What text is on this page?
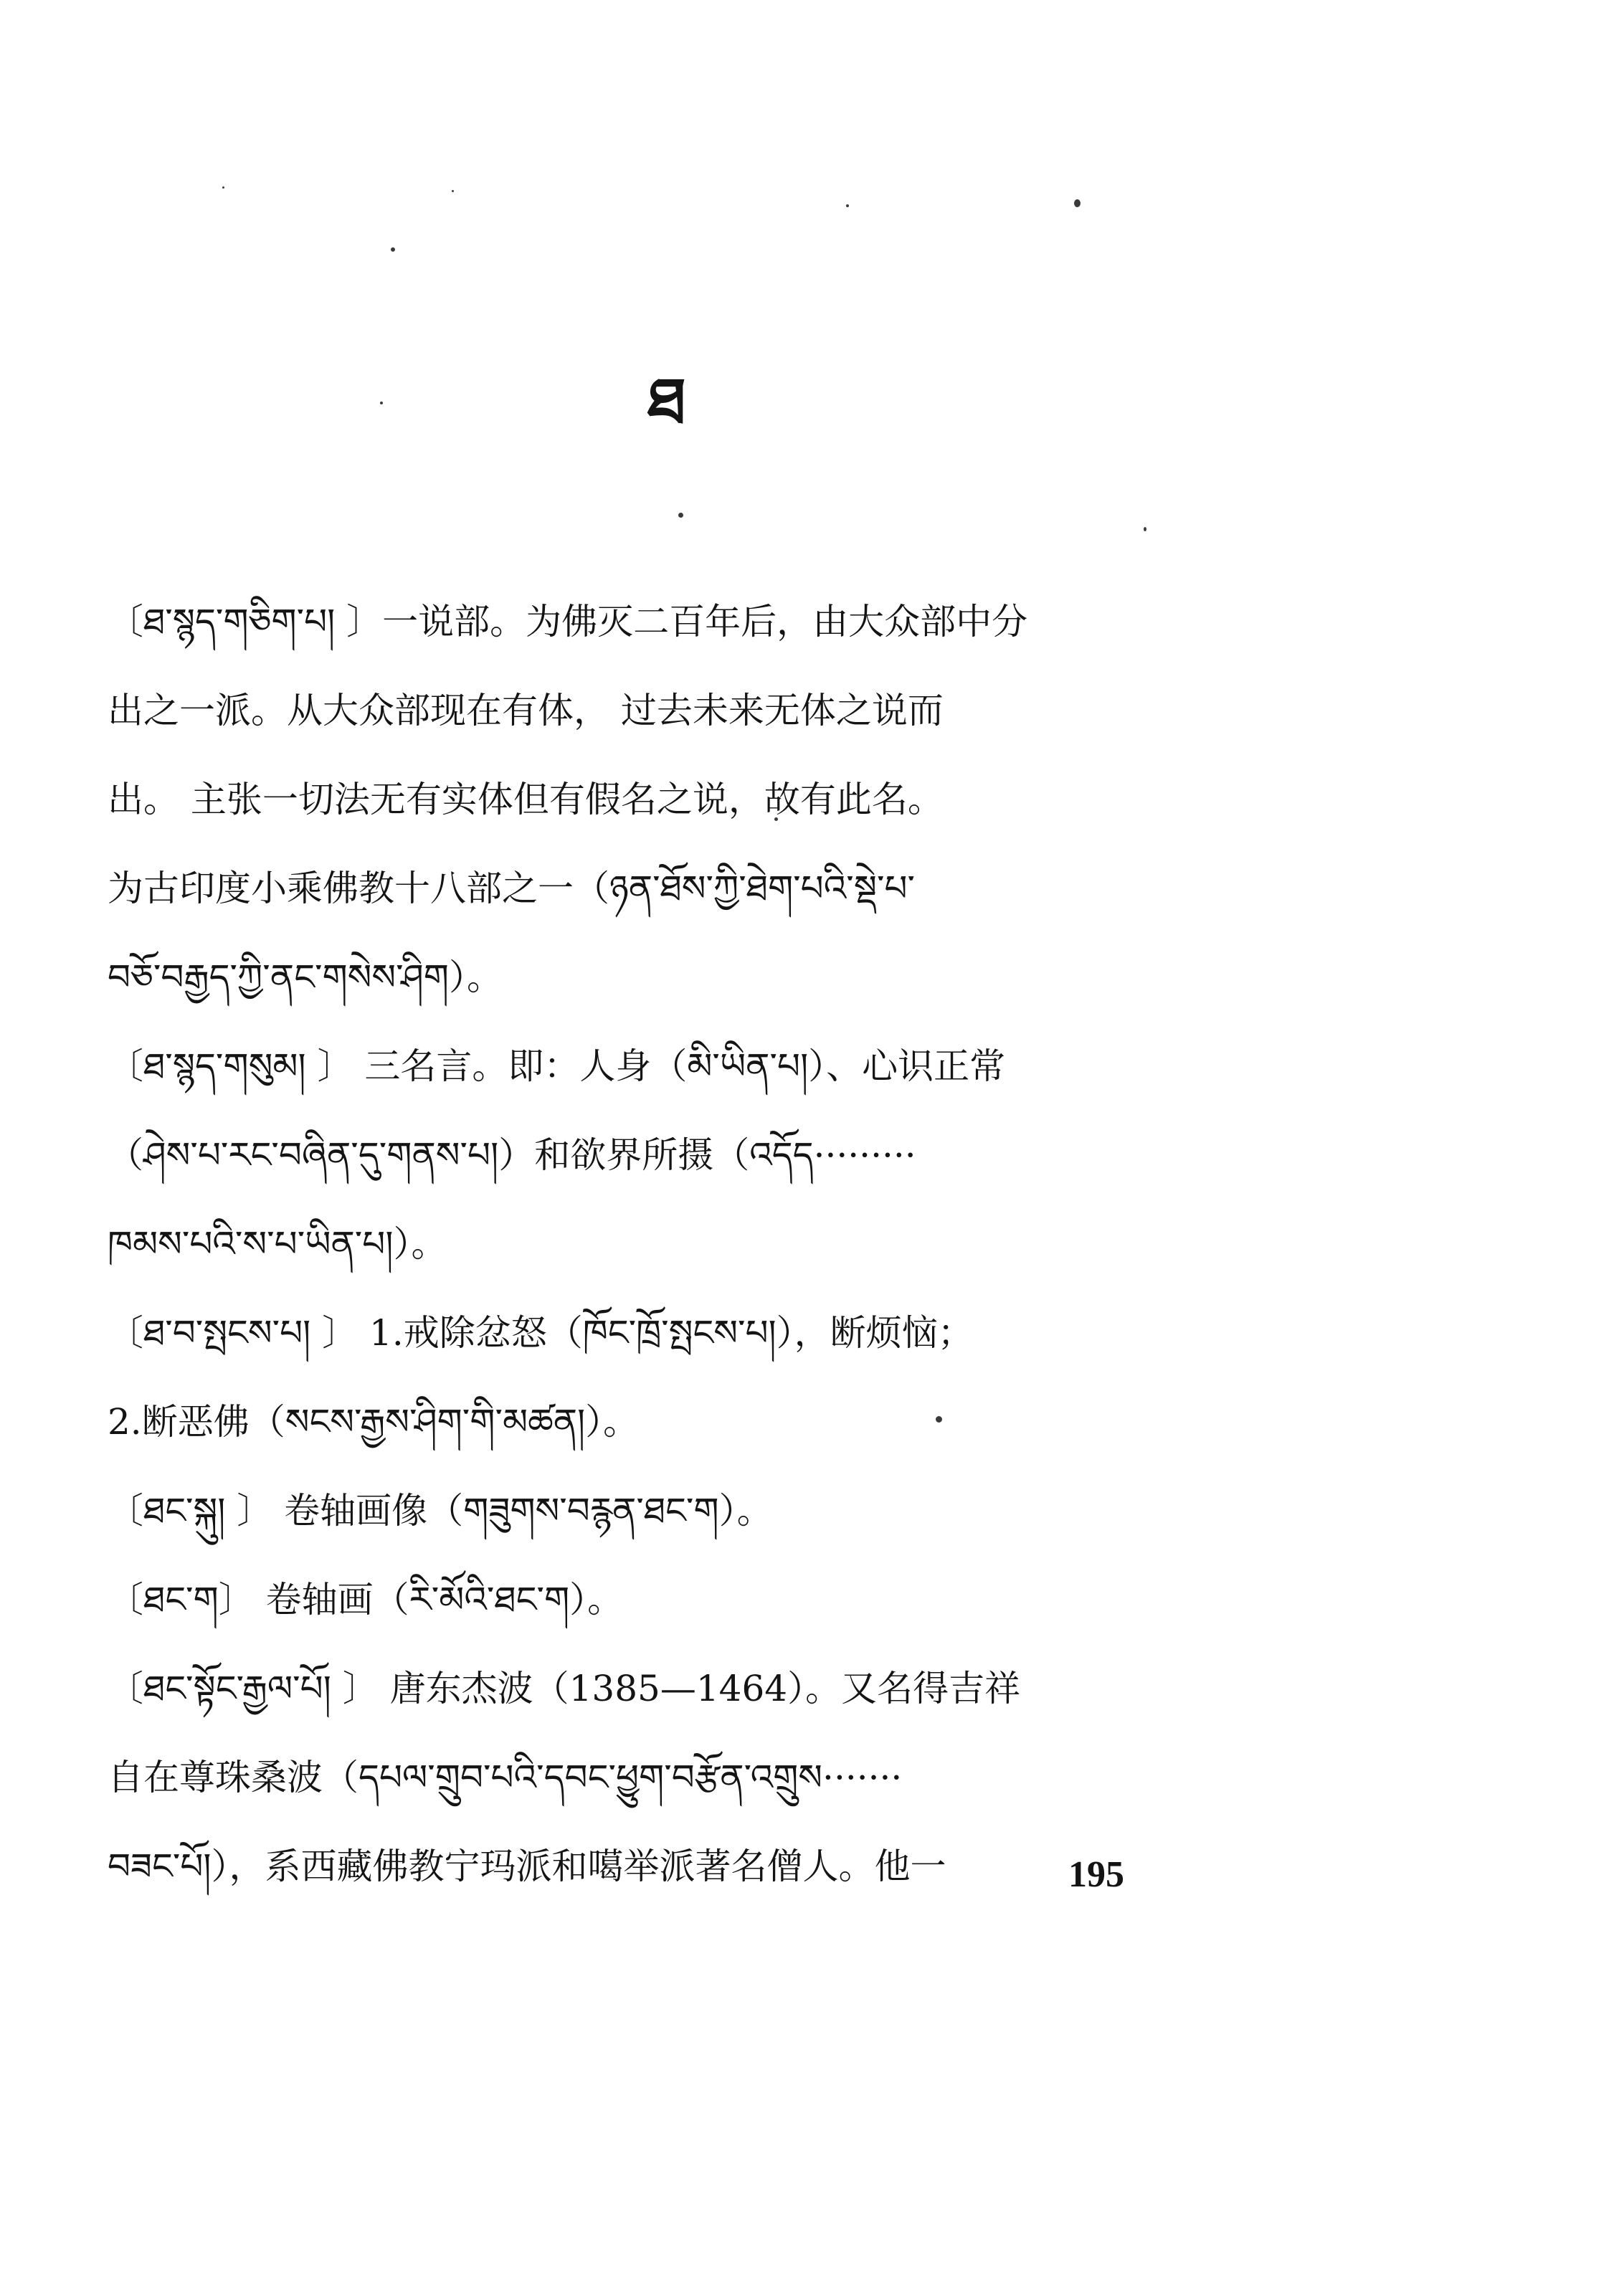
ཐ
〔ཐ་སྙད་གཅིག་པ། 〕一说部。为佛灭二百年后，由大众部中分
出之一派。从大众部现在有体， 过去未来无体之说而
出。 主张一切法无有实体但有假名之说，故有此名。
为古印度小乘佛教十八部之一（ཉན་ཐོས་ཀྱི་ཐེག་པའི་སྡེ་པ་
བཅོ་བརྒྱད་ཀྱི་ནང་གསེས་ཤིག）。
〔ཐ་སྙད་གསུམ། 〕 三名言。即：人身（མི་ཡིན་པ།）、心识正常
（ཤེས་པ་རང་བཞིན་དུ་གནས་པ།）和欲界所摄（འདོད·········
ཁམས་པའི་ས་པ་ཡིན་པ།）。
〔ཐ་བ་སྤངས་པ། 〕 1.戒除忿怒（ཁོང་ཁྲོ་སྤངས་པ།），断烦恼；
2.断恶佛（སངས་རྒྱས་ཤིག་གི་མཚན།）。
〔ཐང་སྐུ། 〕 卷轴画像（གཟུགས་བརྙན་ཐང་ག）。
〔ཐང་ག〕 卷轴画（རི་མོའི་ཐང་ག）。
〔ཐང་སྟོང་རྒྱལ་པོ། 〕 唐东杰波（1385—1464）。又名得吉祥
自在尊珠桑波（དཔལ་གྲུབ་པའི་དབང་ཕྱུག་བརྩོན་འགྲུས·······
བཟང་པོ།），系西藏佛教宁玛派和噶举派著名僧人。他一	195
